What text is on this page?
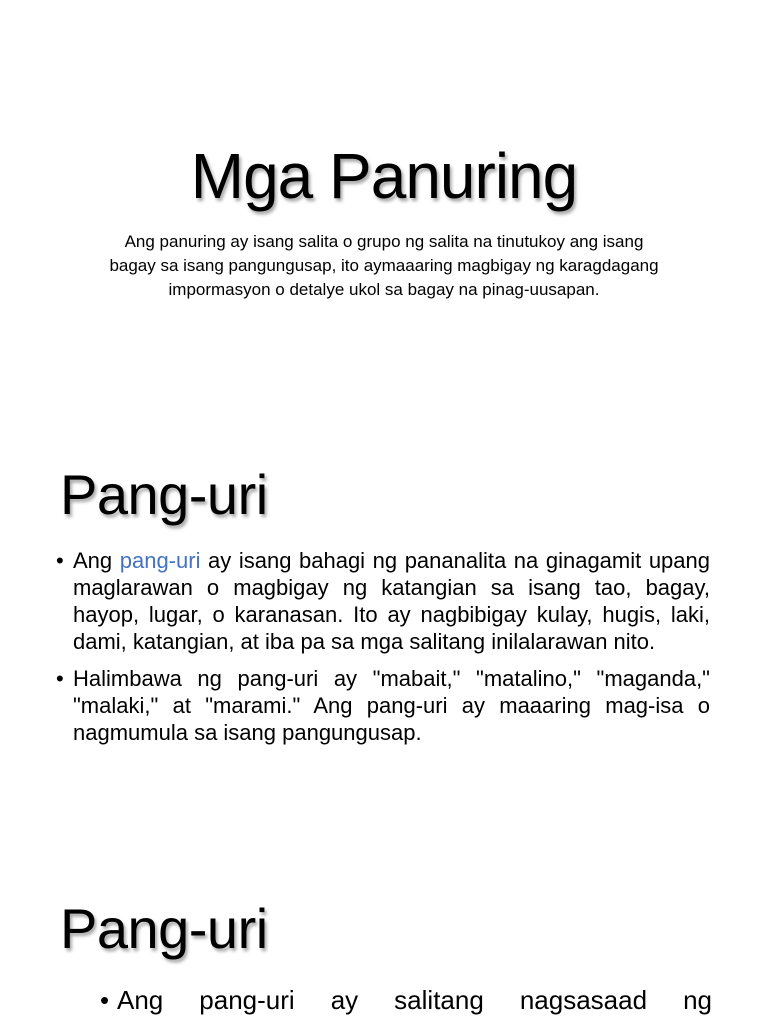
Mga Panuring

Ang panuring ay isang salita o grupo ng salita na tinutukoy ang isang bagay sa isang pangungusap, ito aymaaaring magbigay ng karagdagang impormasyon o detalye ukol sa bagay na pinag-uusapan.

Pang-uri
• Ang pang-uri ay isang bahagi ng pananalita na ginagamit upang maglarawan o magbigay ng katangian sa isang tao, bagay, hayop, lugar, o karanasan. Ito ay nagbibigay kulay, hugis, laki, dami, katangian, at iba pa sa mga salitang inilalarawan nito.
• Halimbawa ng pang-uri ay "mabait," "matalino," "maganda," "malaki," at "marami." Ang pang-uri ay maaaring mag-isa o nagmumula sa isang pangungusap.
Pang-uri
• Ang pang-uri ay salitang nagsasaad ng
